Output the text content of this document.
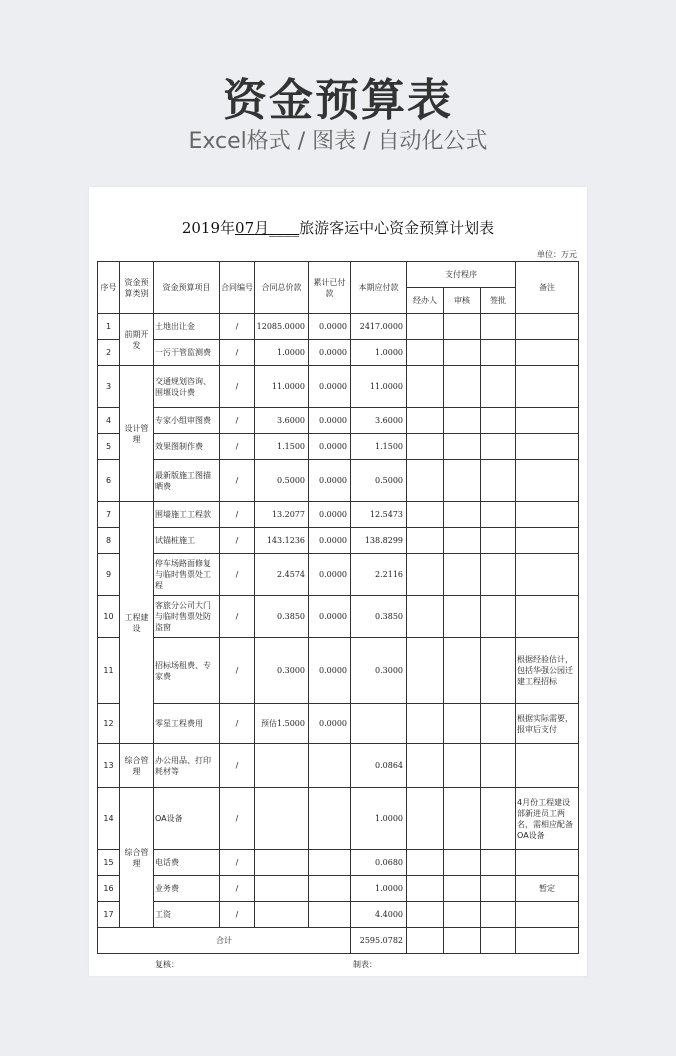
资金预算表
Excel格式 / 图表 / 自动化公式
2019年07月____旅游客运中心资金预算计划表
单位：万元
序号	资金预算类别	资金预算项目	合同编号	合同总价款	累计已付款	本期应付款	支付程序			备注
							经办人	审核	签批	
1	前期开发	土地出让金	/	12085.0000	0.0000	2417.0000				
2		一污干管监测费	/	1.0000	0.0000	1.0000				
3	设计管理	交通规划咨询、围堰设计费	/	11.0000	0.0000	11.0000				
4		专家小组审图费	/	3.6000	0.0000	3.6000				
5		效果图制作费	/	1.1500	0.0000	1.1500				
6		最新版施工图描晒费	/	0.5000	0.0000	0.5000				
7	工程建设	围墙施工工程款	/	13.2077	0.0000	12.5473				
8		试锚桩施工	/	143.1236	0.0000	138.8299				
9		停车场路面修复与临时售票处工程	/	2.4574	0.0000	2.2116				
10		客旅分公司大门与临时售票处防盗窗	/	0.3850	0.0000	0.3850				
11		招标场租费、专家费	/	0.3000	0.0000	0.3000				根据经验估计，包括华强公园迁建工程招标
12		零星工程费用	/	预估1.5000	0.0000					根据实际需要，报审后支付
13	综合管理	办公用品、打印耗材等	/			0.0864				
14	综合管理	OA设备	/			1.0000				4月份工程建设部新进员工两名，需相应配备OA设备
15		电话费	/			0.0680				
16		业务费	/			1.0000				暂定
17		工资	/			4.4000				
合计						2595.0782				
复核：	制表：
